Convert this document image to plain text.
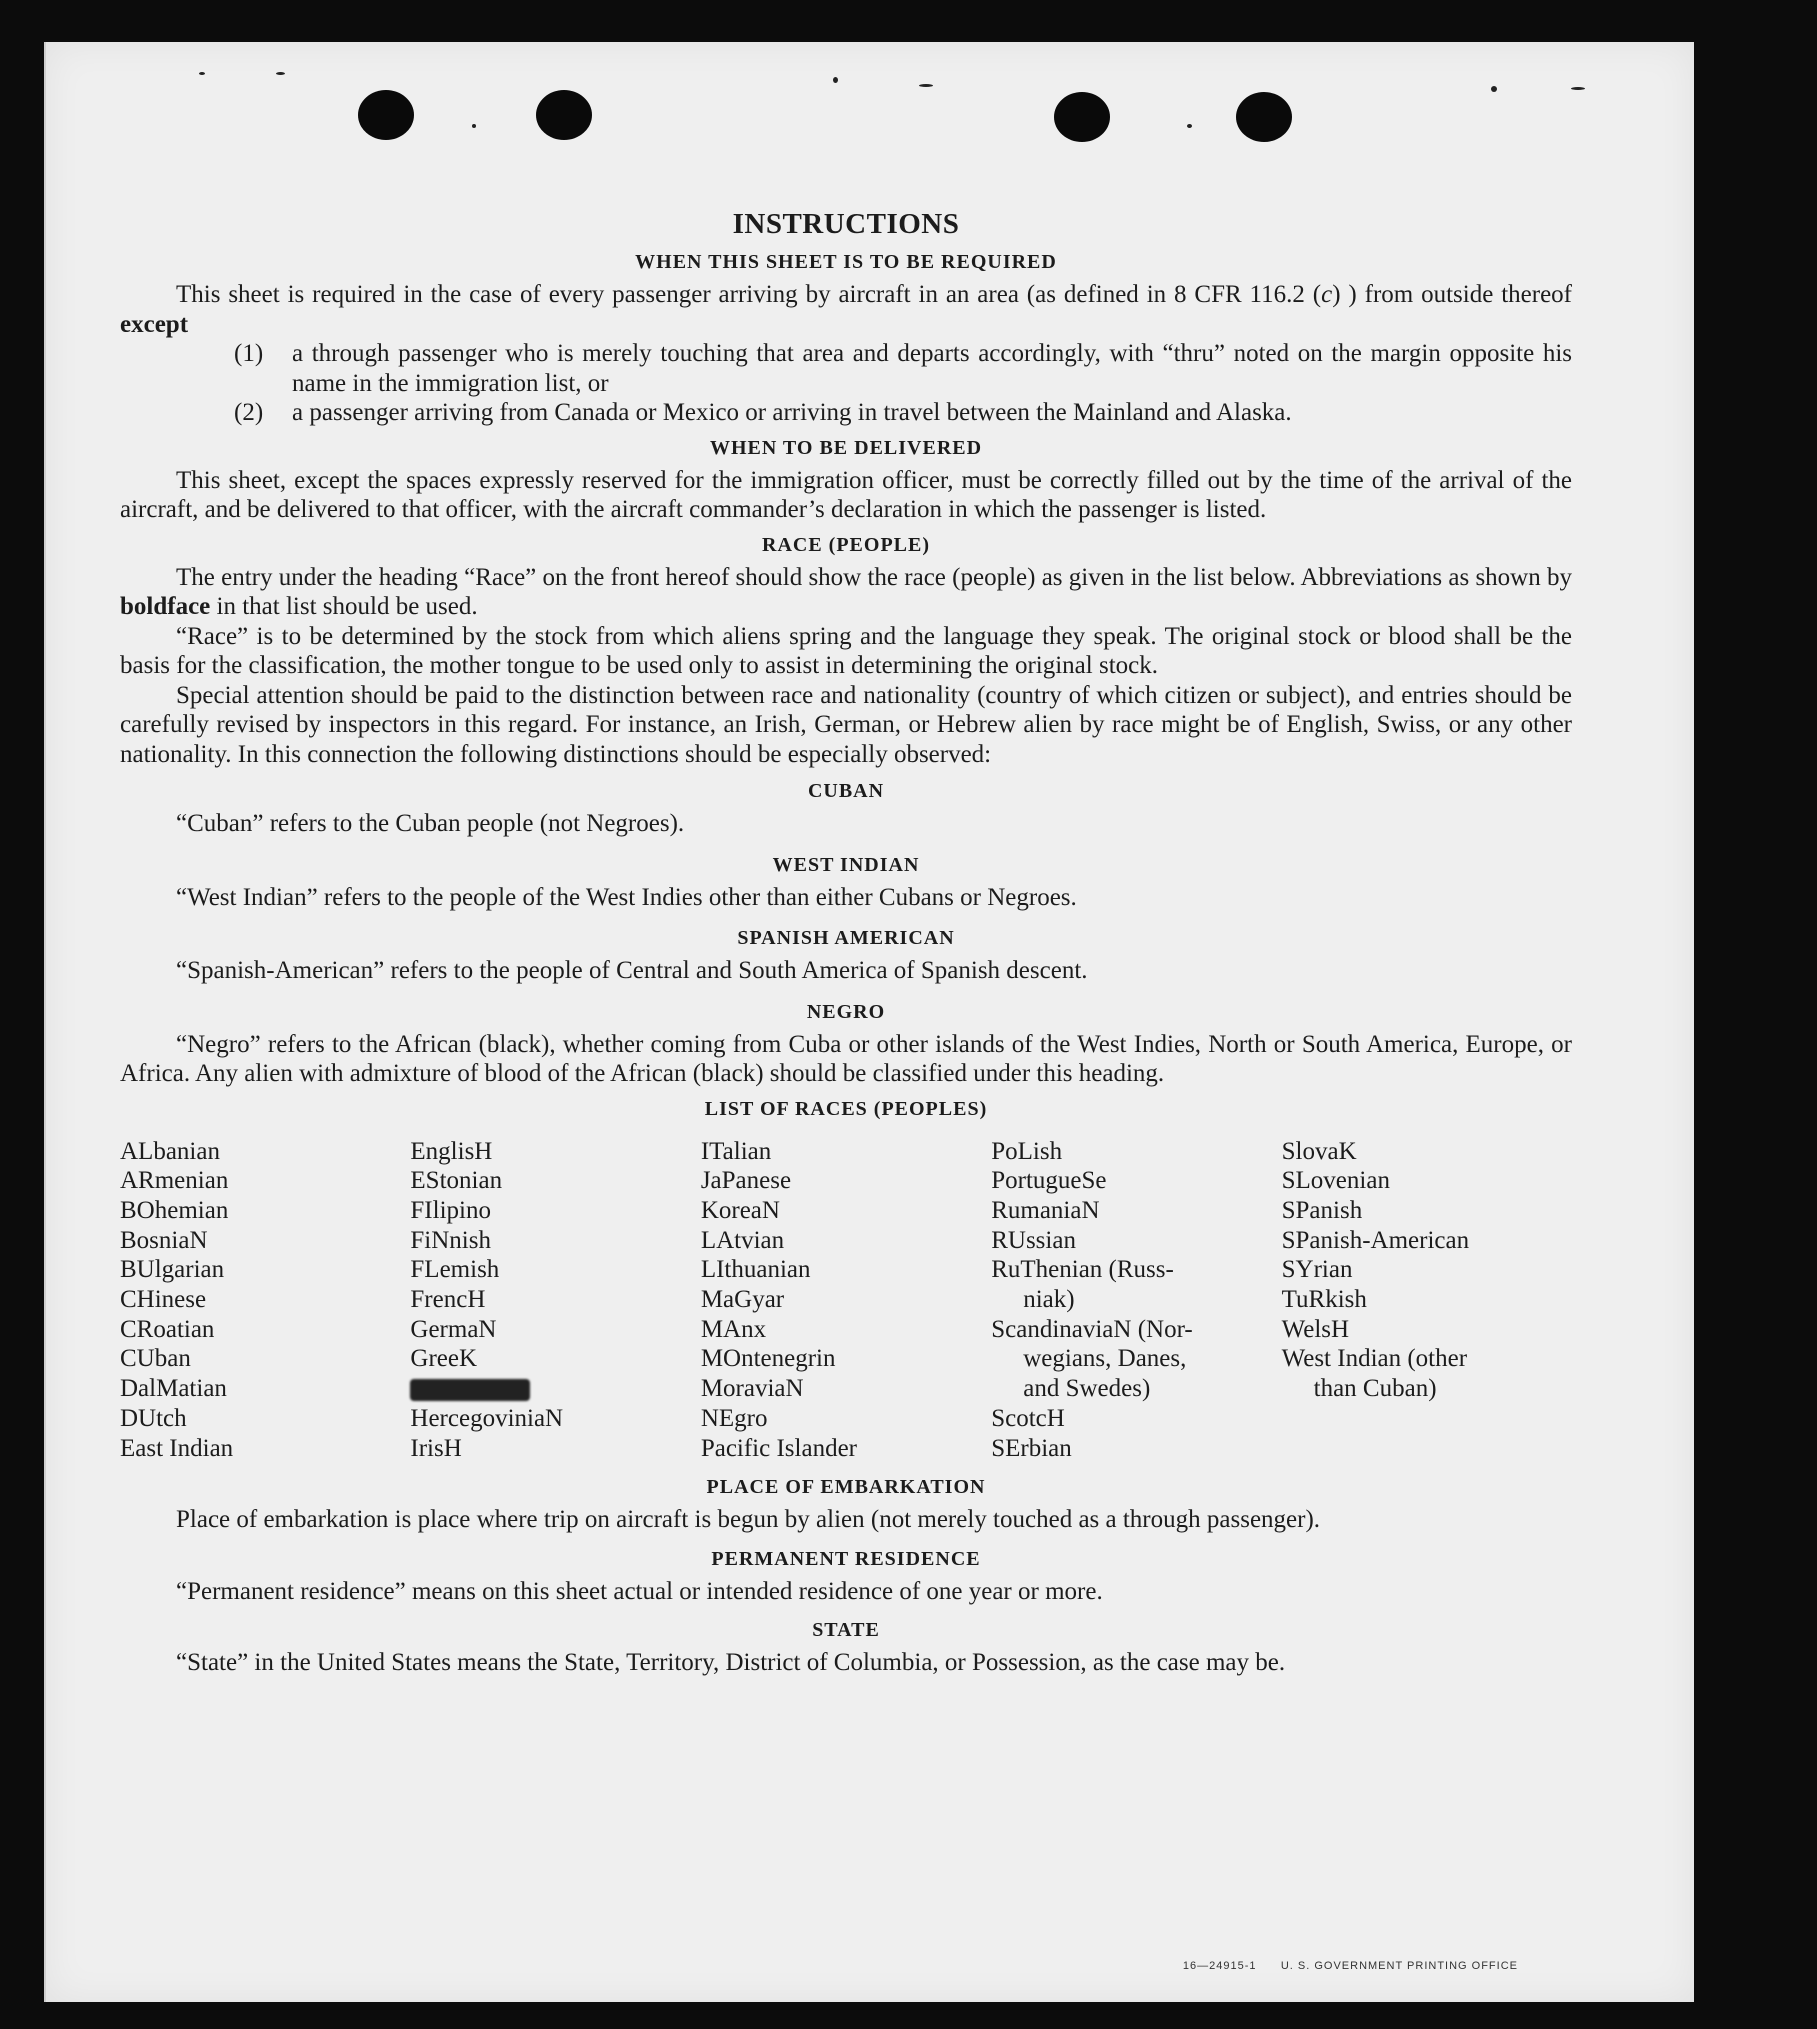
INSTRUCTIONS
WHEN THIS SHEET IS TO BE REQUIRED

This sheet is required in the case of every passenger arriving by aircraft in an area (as defined in 8 CFR 116.2 (c) ) from outside thereof except

(1)	a through passenger who is merely touching that area and departs accordingly, with “thru” noted on the margin opposite his name in the immigration list, or
(2)	a passenger arriving from Canada or Mexico or arriving in travel between the Mainland and Alaska.
WHEN TO BE DELIVERED

This sheet, except the spaces expressly reserved for the immigration officer, must be correctly filled out by the time of the arrival of the aircraft, and be delivered to that officer, with the aircraft commander’s declaration in which the passenger is listed.

RACE (PEOPLE)

The entry under the heading “Race” on the front hereof should show the race (people) as given in the list below. Abbreviations as shown by boldface in that list should be used.

“Race” is to be determined by the stock from which aliens spring and the language they speak. The original stock or blood shall be the basis for the classification, the mother tongue to be used only to assist in determining the original stock.

Special attention should be paid to the distinction between race and nationality (country of which citizen or subject), and entries should be carefully revised by inspectors in this regard. For instance, an Irish, German, or Hebrew alien by race might be of English, Swiss, or any other nationality. In this connection the following distinctions should be especially observed:

CUBAN

“Cuban” refers to the Cuban people (not Negroes).

WEST INDIAN

“West Indian” refers to the people of the West Indies other than either Cubans or Negroes.

SPANISH AMERICAN

“Spanish-American” refers to the people of Central and South America of Spanish descent.

NEGRO

“Negro” refers to the African (black), whether coming from Cuba or other islands of the West Indies, North or South America, Europe, or Africa. Any alien with admixture of blood of the African (black) should be classified under this heading.

LIST OF RACES (PEOPLES)
ALbanian
ARmenian
BOhemian
BosniaN
BUlgarian
CHinese
CRoatian
CUban
DalMatian
DUtch
East Indian
EnglisH
EStonian
FIlipino
FiNnish
FLemish
FrencH
GermaN
GreeK
HercegoviniaN
IrisH
ITalian
JaPanese
KoreaN
LAtvian
LIthuanian
MaGyar
MAnx
MOntenegrin
MoraviaN
NEgro
Pacific Islander
PoLish
PortugueSe
RumaniaN
RUssian
RuThenian (Russ-
niak)
ScandinaviaN (Nor-
wegians, Danes,
and Swedes)
ScotcH
SErbian
SlovaK
SLovenian
SPanish
SPanish-American
SYrian
TuRkish
WelsH
West Indian (other
than Cuban)
PLACE OF EMBARKATION

Place of embarkation is place where trip on aircraft is begun by alien (not merely touched as a through passenger).

PERMANENT RESIDENCE

“Permanent residence” means on this sheet actual or intended residence of one year or more.

STATE

“State” in the United States means the State, Territory, District of Columbia, or Possession, as the case may be.

16—24915-1 U. S. GOVERNMENT PRINTING OFFICE
